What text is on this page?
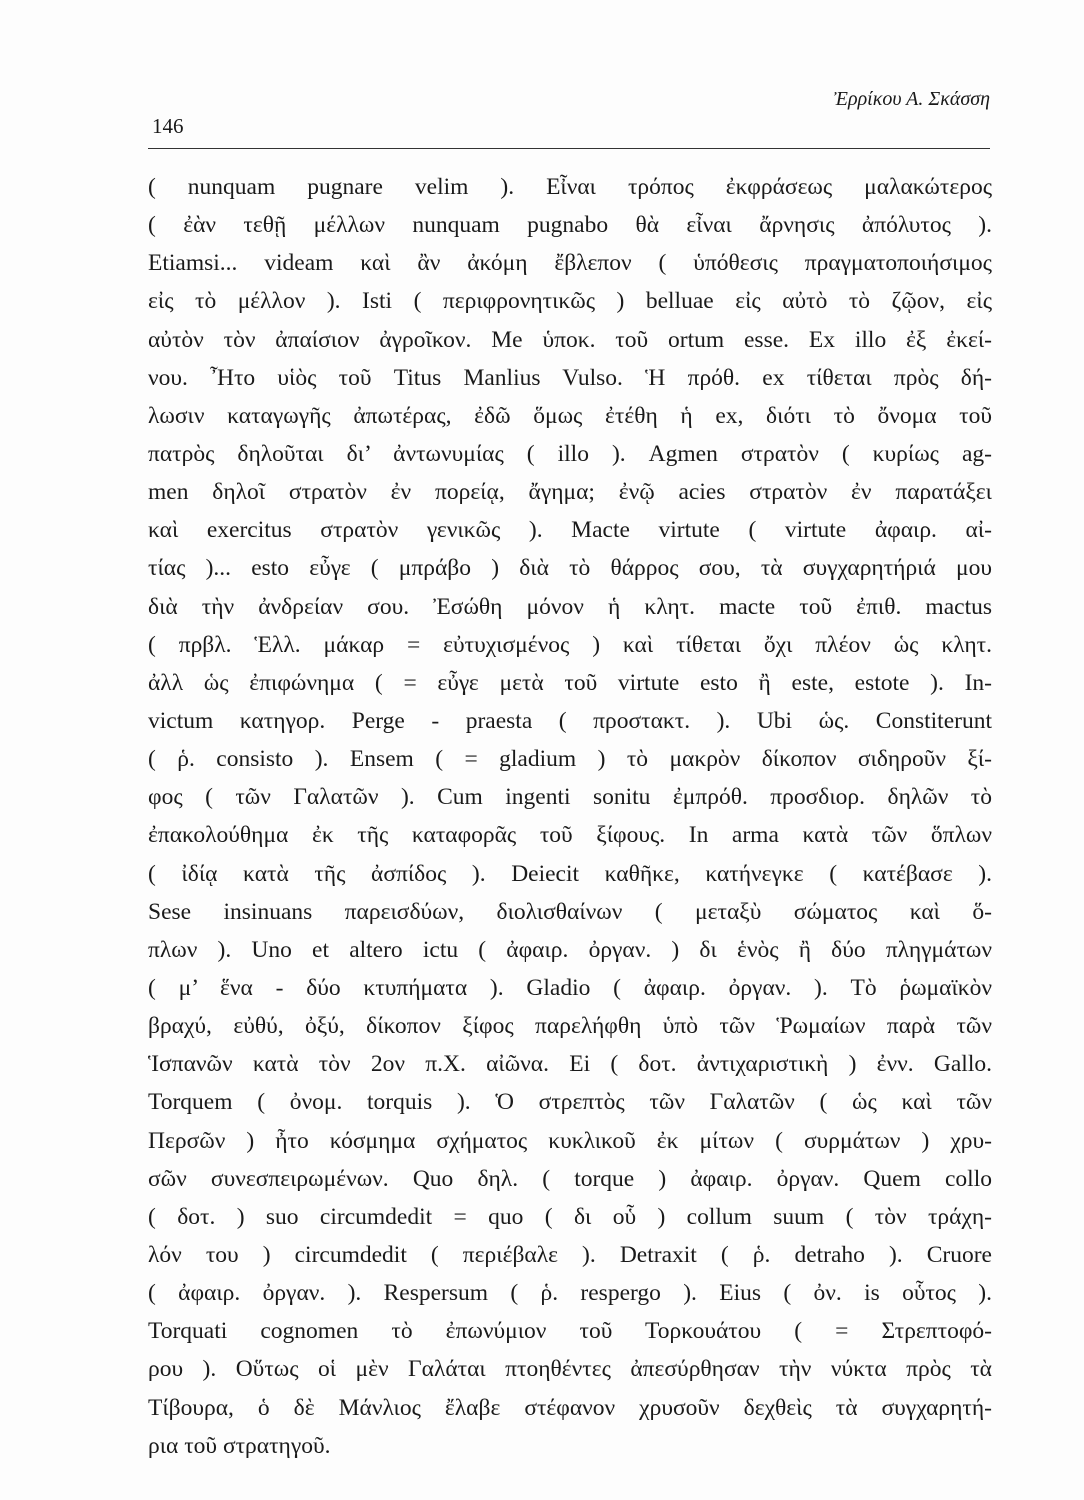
146
Ἐρρίκου Α. Σκάσση
( nunquam pugnare velim ). Εἶναι τρόπος ἐκφράσεως μαλακώτερος
( ἐὰν τεθῇ μέλλων nunquam pugnabo θὰ εἶναι ἄρνησις ἀπόλυτος ).
Etiamsi... videam καὶ ἂν ἀκόμη ἔβλεπον ( ὑπόθεσις πραγματοποιήσιμος
εἰς τὸ μέλλον ). Isti ( περιφρονητικῶς ) belluae εἰς αὐτὸ τὸ ζῷον, εἰς
αὐτὸν τὸν ἀπαίσιον ἀγροῖκον. Me ὑποκ. τοῦ ortum esse. Ex illo ἐξ ἐκεί-
νου. Ἦτο υἱὸς τοῦ Titus Manlius Vulso. Ἡ πρόθ. ex τίθεται πρὸς δή-
λωσιν καταγωγῆς ἀπωτέρας, ἐδῶ ὅμως ἐτέθη ἡ ex, διότι τὸ ὄνομα τοῦ
πατρὸς δηλοῦται δι’ ἀντωνυμίας ( illo ). Agmen στρατὸν ( κυρίως ag-
men δηλοῖ στρατὸν ἐν πορείᾳ, ἄγημα; ἐνῷ acies στρατὸν ἐν παρατάξει
καὶ exercitus στρατὸν γενικῶς ). Macte virtute ( virtute ἀφαιρ. αἰ-
τίας )... esto εὖγε ( μπράβο ) διὰ τὸ θάρρος σου, τὰ συγχαρητήριά μου
διὰ τὴν ἀνδρείαν σου. Ἐσώθη μόνον ἡ κλητ. macte τοῦ ἐπιθ. mactus
( πρβλ. Ἑλλ. μάκαρ = εὐτυχισμένος ) καὶ τίθεται ὄχι πλέον ὡς κλητ.
ἀλλ ὡς ἐπιφώνημα ( = εὖγε μετὰ τοῦ virtute esto ἢ este, estote ). In-
victum κατηγορ. Perge - praesta ( προστακτ. ). Ubi ὡς. Constiterunt
( ῥ. consisto ). Ensem ( = gladium ) τὸ μακρὸν δίκοπον σιδηροῦν ξί-
φος ( τῶν Γαλατῶν ). Cum ingenti sonitu ἐμπρόθ. προσδιορ. δηλῶν τὸ
ἐπακολούθημα ἐκ τῆς καταφορᾶς τοῦ ξίφους. In arma κατὰ τῶν ὅπλων
( ἰδίᾳ κατὰ τῆς ἀσπίδος ). Deiecit καθῆκε, κατήνεγκε ( κατέβασε ).
Sese insinuans παρεισδύων, διολισθαίνων ( μεταξὺ σώματος καὶ ὅ-
πλων ). Uno et altero ictu ( ἀφαιρ. ὀργαν. ) δι ἑνὸς ἢ δύο πληγμάτων
( μ’ ἕνα - δύο κτυπήματα ). Gladio ( ἀφαιρ. ὀργαν. ). Τὸ ῥωμαϊκὸν
βραχύ, εὐθύ, ὀξύ, δίκοπον ξίφος παρελήφθη ὑπὸ τῶν Ῥωμαίων παρὰ τῶν
Ἱσπανῶν κατὰ τὸν 2ον π.Χ. αἰῶνα. Ei ( δοτ. ἀντιχαριστικὴ ) ἐνν. Gallo.
Torquem ( ὀνομ. torquis ). Ὁ στρεπτὸς τῶν Γαλατῶν ( ὡς καὶ τῶν
Περσῶν ) ἦτο κόσμημα σχήματος κυκλικοῦ ἐκ μίτων ( συρμάτων ) χρυ-
σῶν συνεσπειρωμένων. Quo δηλ. ( torque ) ἀφαιρ. ὀργαν. Quem collo
( δοτ. ) suo circumdedit = quo ( δι οὗ ) collum suum ( τὸν τράχη-
λόν του ) circumdedit ( περιέβαλε ). Detraxit ( ῥ. detraho ). Cruore
( ἀφαιρ. ὀργαν. ). Respersum ( ῥ. respergo ). Eius ( ὀν. is οὗτος ).
Torquati cognomen τὸ ἐπωνύμιον τοῦ Τορκουάτου ( = Στρεπτοφό-
ρου ). Οὕτως οἱ μὲν Γαλάται πτοηθέντες ἀπεσύρθησαν τὴν νύκτα πρὸς τὰ
Τίβουρα, ὁ δὲ Μάνλιος ἔλαβε στέφανον χρυσοῦν δεχθεὶς τὰ συγχαρητή-
ρια τοῦ στρατηγοῦ.
